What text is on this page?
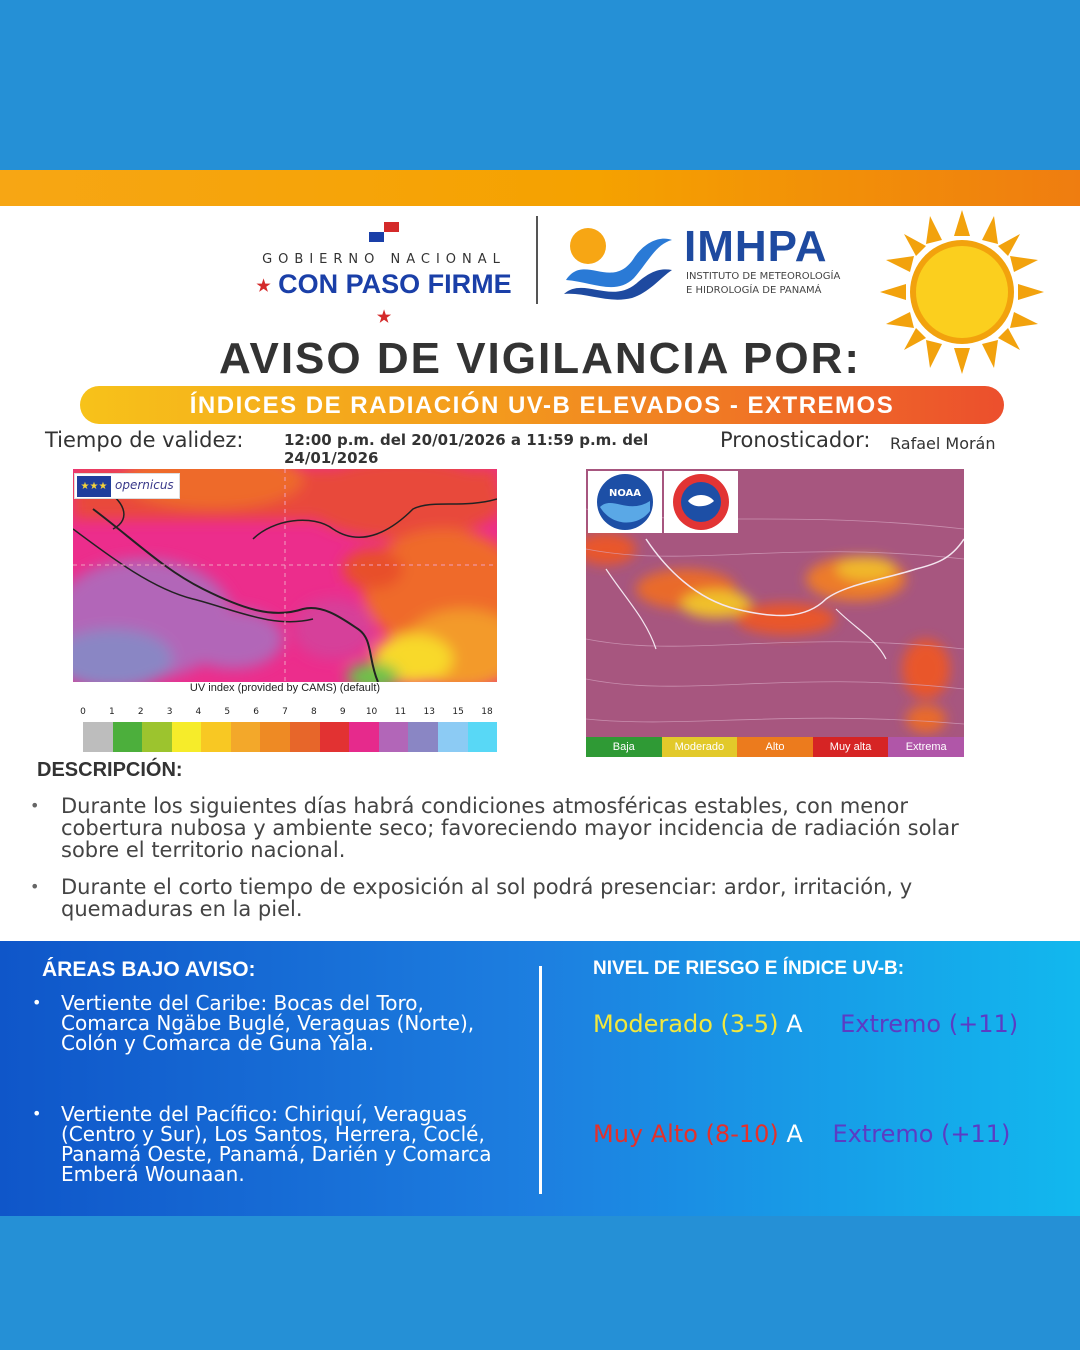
GOBIERNO NACIONAL
★ CON PASO FIRME ★
IMHPA
INSTITUTO DE METEOROLOGÍA
E HIDROLOGÍA DE PANAMÁ
AVISO DE VIGILANCIA POR:
ÍNDICES DE RADIACIÓN UV-B ELEVADOS - EXTREMOS
Tiempo de validez:	12:00 p.m. del 20/01/2026 a 11:59 p.m. del 24/01/2026
Pronosticador: Rafael Morán
★★★ opernicus
UV index (provided by CAMS) (default)
0	1	2	3	4	5	6	7	8	9	10	11	13	15	18
NOAA
Baja	Moderado	Alto	Muy alta	Extrema
DESCRIPCIÓN:
• Durante los siguientes días habrá condiciones atmosféricas estables, con menor
cobertura nubosa y ambiente seco; favoreciendo mayor incidencia de radiación solar
sobre el territorio nacional.
• Durante el corto tiempo de exposición al sol podrá presenciar: ardor, irritación, y
quemaduras en la piel.
ÁREAS BAJO AVISO:
• Vertiente del Caribe: Bocas del Toro,
Comarca Ngäbe Buglé, Veraguas (Norte),
Colón y Comarca de Guna Yala.
• Vertiente del Pacífico: Chiriquí, Veraguas
(Centro y Sur), Los Santos, Herrera, Coclé,
Panamá Oeste, Panamá, Darién y Comarca
Emberá Wounaan.
NIVEL DE RIESGO E ÍNDICE UV-B:
Moderado (3-5) A Extremo (+11)
Muy Alto (8-10) A Extremo (+11)
